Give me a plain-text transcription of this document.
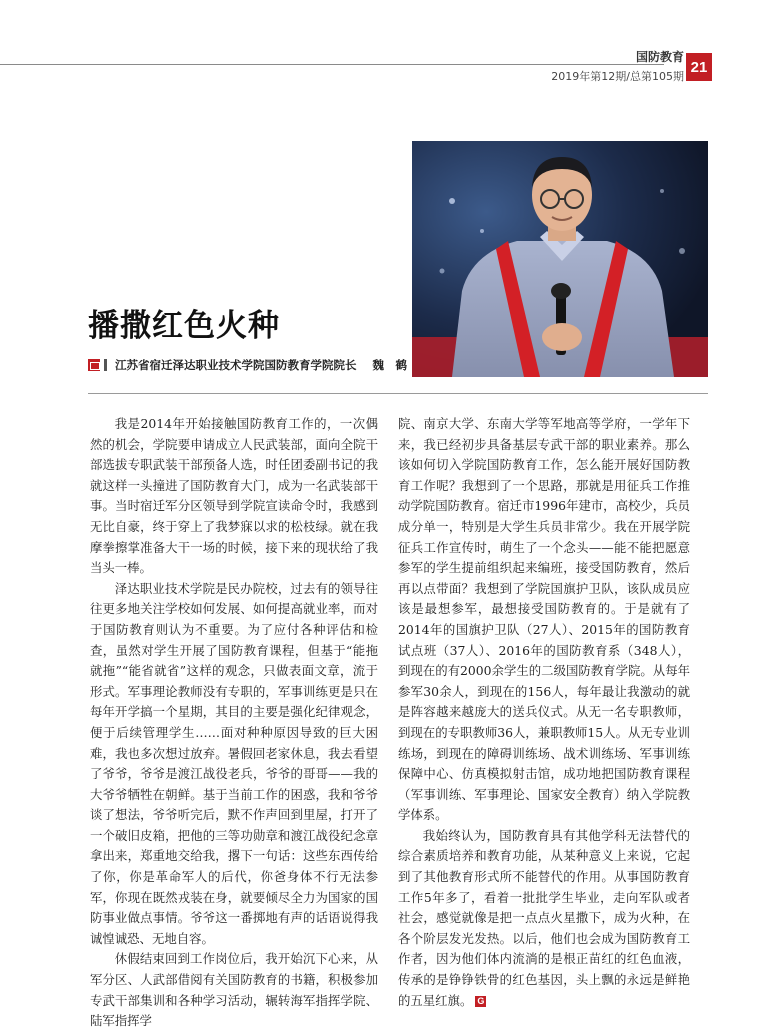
国防教育
2019年第12期/总第105期
21
播撒红色火种
江苏省宿迁泽达职业技术学院国防教育学院院长 魏　鹤

我是2014年开始接触国防教育工作的，一次偶然的机会，学院要申请成立人民武装部，面向全院干部选拔专职武装干部预备人选，时任团委副书记的我就这样一头撞进了国防教育大门，成为一名武装部干事。当时宿迁军分区领导到学院宣读命令时，我感到无比自豪，终于穿上了我梦寐以求的松枝绿。就在我摩拳擦掌准备大干一场的时候，接下来的现状给了我当头一棒。

泽达职业技术学院是民办院校，过去有的领导往往更多地关注学校如何发展、如何提高就业率，而对于国防教育则认为不重要。为了应付各种评估和检查，虽然对学生开展了国防教育课程，但基于“能拖就拖”“能省就省”这样的观念，只做表面文章，流于形式。军事理论教师没有专职的，军事训练更是只在每年开学搞一个星期，其目的主要是强化纪律观念，便于后续管理学生……面对种种原因导致的巨大困难，我也多次想过放弃。暑假回老家休息，我去看望了爷爷，爷爷是渡江战役老兵，爷爷的哥哥——我的大爷爷牺牲在朝鲜。基于当前工作的困惑，我和爷爷谈了想法，爷爷听完后，默不作声回到里屋，打开了一个破旧皮箱，把他的三等功勋章和渡江战役纪念章拿出来，郑重地交给我，撂下一句话：这些东西传给了你，你是革命军人的后代，你爸身体不行无法参军，你现在既然戎装在身，就要倾尽全力为国家的国防事业做点事情。爷爷这一番掷地有声的话语说得我诚惶诚恐、无地自容。

休假结束回到工作岗位后，我开始沉下心来，从军分区、人武部借阅有关国防教育的书籍，积极参加专武干部集训和各种学习活动，辗转海军指挥学院、陆军指挥学

院、南京大学、东南大学等军地高等学府，一学年下来，我已经初步具备基层专武干部的职业素养。那么该如何切入学院国防教育工作，怎么能开展好国防教育工作呢？我想到了一个思路，那就是用征兵工作推动学院国防教育。宿迁市1996年建市，高校少，兵员成分单一，特别是大学生兵员非常少。我在开展学院征兵工作宣传时，萌生了一个念头——能不能把愿意参军的学生提前组织起来编班，接受国防教育，然后再以点带面？我想到了学院国旗护卫队，该队成员应该是最想参军，最想接受国防教育的。于是就有了2014年的国旗护卫队（27人）、2015年的国防教育试点班（37人）、2016年的国防教育系（348人），到现在的有2000余学生的二级国防教育学院。从每年参军30余人，到现在的156人，每年最让我激动的就是阵容越来越庞大的送兵仪式。从无一名专职教师，到现在的专职教师36人，兼职教师15人。从无专业训练场，到现在的障碍训练场、战术训练场、军事训练保障中心、仿真模拟射击馆，成功地把国防教育课程（军事训练、军事理论、国家安全教育）纳入学院教学体系。

我始终认为，国防教育具有其他学科无法替代的综合素质培养和教育功能，从某种意义上来说，它起到了其他教育形式所不能替代的作用。从事国防教育工作5年多了，看着一批批学生毕业，走向军队或者社会，感觉就像是把一点点火星撒下，成为火种，在各个阶层发光发热。以后，他们也会成为国防教育工作者，因为他们体内流淌的是根正苗红的红色血液，传承的是铮铮铁骨的红色基因，头上飘的永远是鲜艳的五星红旗。 G
